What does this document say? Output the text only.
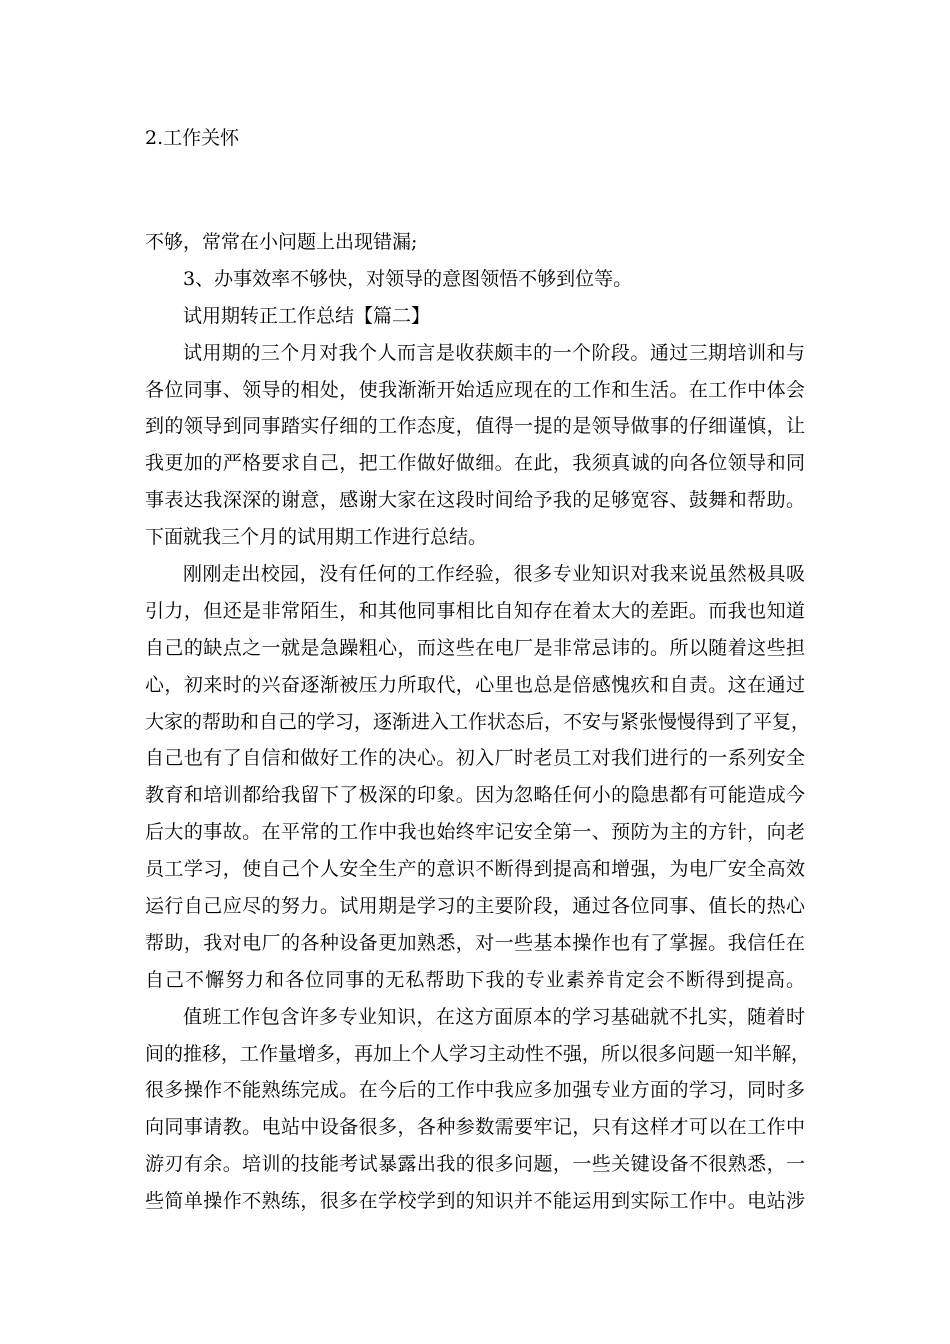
2.工作关怀
不够，常常在小问题上出现错漏;
3、办事效率不够快，对领导的意图领悟不够到位等。
试用期转正工作总结【篇二】
试用期的三个月对我个人而言是收获颇丰的一个阶段。通过三期培训和与
各位同事、领导的相处，使我渐渐开始适应现在的工作和生活。在工作中体会
到的领导到同事踏实仔细的工作态度，值得一提的是领导做事的仔细谨慎，让
我更加的严格要求自己，把工作做好做细。在此，我须真诚的向各位领导和同
事表达我深深的谢意，感谢大家在这段时间给予我的足够宽容、鼓舞和帮助。
下面就我三个月的试用期工作进行总结。
刚刚走出校园，没有任何的工作经验，很多专业知识对我来说虽然极具吸
引力，但还是非常陌生，和其他同事相比自知存在着太大的差距。而我也知道
自己的缺点之一就是急躁粗心，而这些在电厂是非常忌讳的。所以随着这些担
心，初来时的兴奋逐渐被压力所取代，心里也总是倍感愧疚和自责。这在通过
大家的帮助和自己的学习，逐渐进入工作状态后，不安与紧张慢慢得到了平复，
自己也有了自信和做好工作的决心。初入厂时老员工对我们进行的一系列安全
教育和培训都给我留下了极深的印象。因为忽略任何小的隐患都有可能造成今
后大的事故。在平常的工作中我也始终牢记安全第一、预防为主的方针，向老
员工学习，使自己个人安全生产的意识不断得到提高和增强，为电厂安全高效
运行自己应尽的努力。试用期是学习的主要阶段，通过各位同事、值长的热心
帮助，我对电厂的各种设备更加熟悉，对一些基本操作也有了掌握。我信任在
自己不懈努力和各位同事的无私帮助下我的专业素养肯定会不断得到提高。
值班工作包含许多专业知识，在这方面原本的学习基础就不扎实，随着时
间的推移，工作量增多，再加上个人学习主动性不强，所以很多问题一知半解，
很多操作不能熟练完成。在今后的工作中我应多加强专业方面的学习，同时多
向同事请教。电站中设备很多，各种参数需要牢记，只有这样才可以在工作中
游刃有余。培训的技能考试暴露出我的很多问题，一些关键设备不很熟悉，一
些简单操作不熟练，很多在学校学到的知识并不能运用到实际工作中。电站涉
